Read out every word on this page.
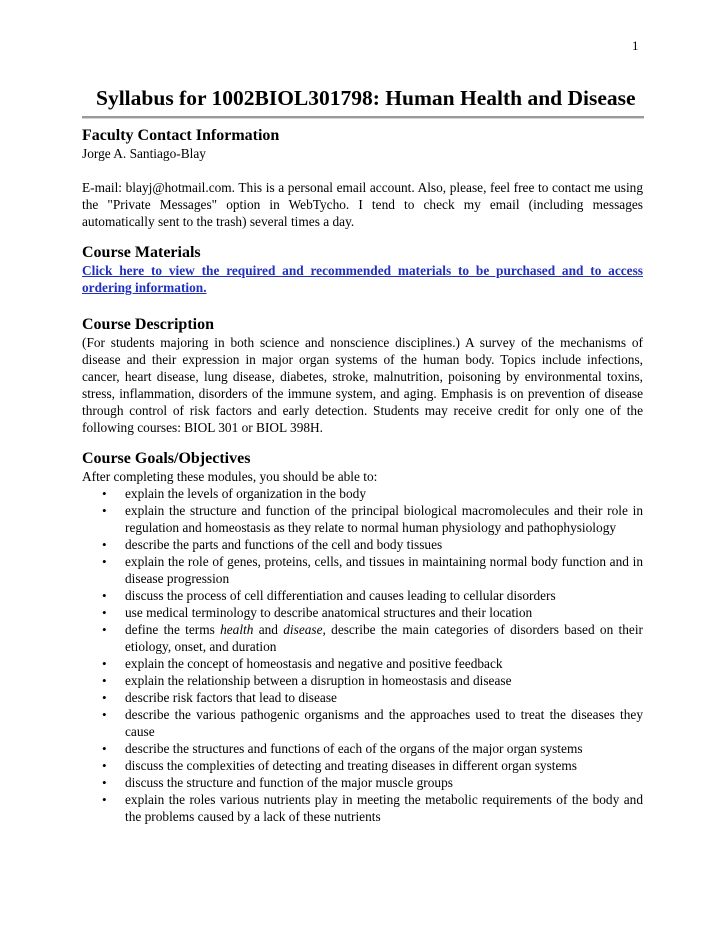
1
Syllabus for 1002BIOL301798: Human Health and Disease
Faculty Contact Information

Jorge A. Santiago-Blay

E-mail: blayj@hotmail.com. This is a personal email account. Also, please, feel free to contact me using the "Private Messages" option in WebTycho. I tend to check my email (including messages automatically sent to the trash) several times a day.

Course Materials

Click here to view the required and recommended materials to be purchased and to access ordering information.

Course Description

(For students majoring in both science and nonscience disciplines.) A survey of the mechanisms of disease and their expression in major organ systems of the human body. Topics include infections, cancer, heart disease, lung disease, diabetes, stroke, malnutrition, poisoning by environmental toxins, stress, inflammation, disorders of the immune system, and aging. Emphasis is on prevention of disease through control of risk factors and early detection. Students may receive credit for only one of the following courses: BIOL 301 or BIOL 398H.

Course Goals/Objectives

After completing these modules, you should be able to:

• explain the levels of organization in the body
• explain the structure and function of the principal biological macromolecules and their role in regulation and homeostasis as they relate to normal human physiology and pathophysiology
• describe the parts and functions of the cell and body tissues
• explain the role of genes, proteins, cells, and tissues in maintaining normal body function and in disease progression
• discuss the process of cell differentiation and causes leading to cellular disorders
• use medical terminology to describe anatomical structures and their location
• define the terms health and disease, describe the main categories of disorders based on their etiology, onset, and duration
• explain the concept of homeostasis and negative and positive feedback
• explain the relationship between a disruption in homeostasis and disease
• describe risk factors that lead to disease
• describe the various pathogenic organisms and the approaches used to treat the diseases they cause
• describe the structures and functions of each of the organs of the major organ systems
• discuss the complexities of detecting and treating diseases in different organ systems
• discuss the structure and function of the major muscle groups
• explain the roles various nutrients play in meeting the metabolic requirements of the body and the problems caused by a lack of these nutrients
